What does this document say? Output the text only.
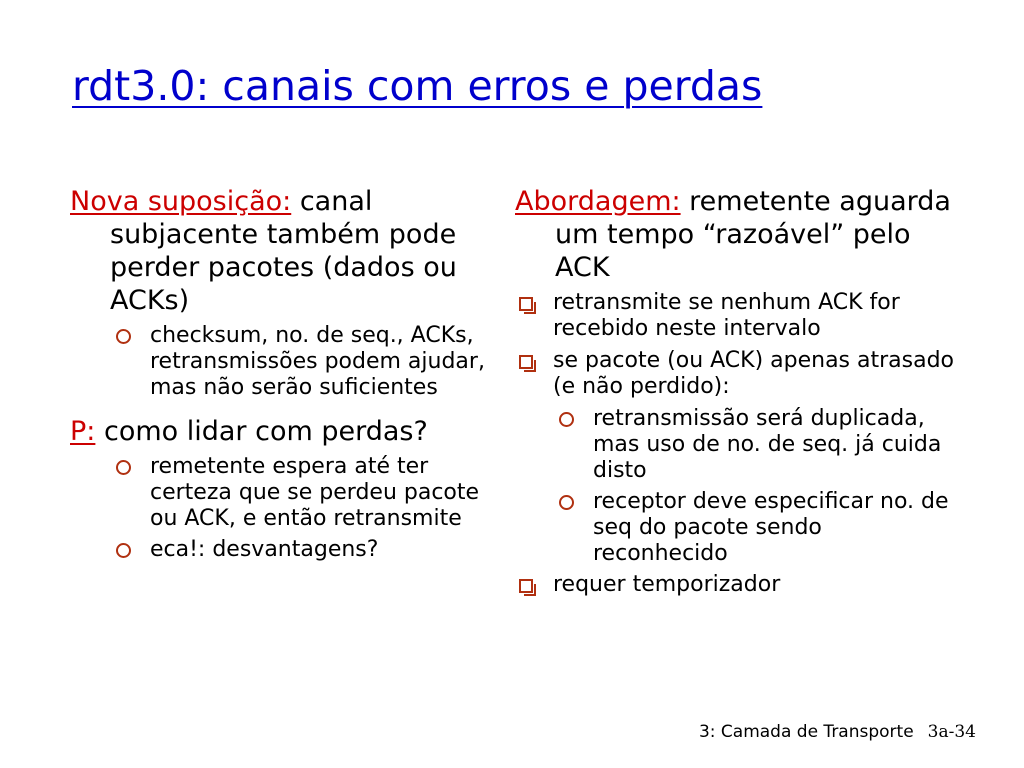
rdt3.0: canais com erros e perdas

Nova suposição: canal subjacente também pode perder pacotes (dados ou ACKs)

checksum, no. de seq., ACKs, retransmissões podem ajudar, mas não serão suficientes

P: como lidar com perdas?

remetente espera até ter certeza que se perdeu pacote ou ACK, e então retransmite
eca!: desvantagens?

Abordagem: remetente aguarda um tempo “razoável” pelo ACK

retransmite se nenhum ACK for recebido neste intervalo
se pacote (ou ACK) apenas atrasado (e não perdido):
retransmissão será duplicada, mas uso de no. de seq. já cuida disto
receptor deve especificar no. de seq do pacote sendo reconhecido
requer temporizador
3: Camada de Transporte 3a-34
